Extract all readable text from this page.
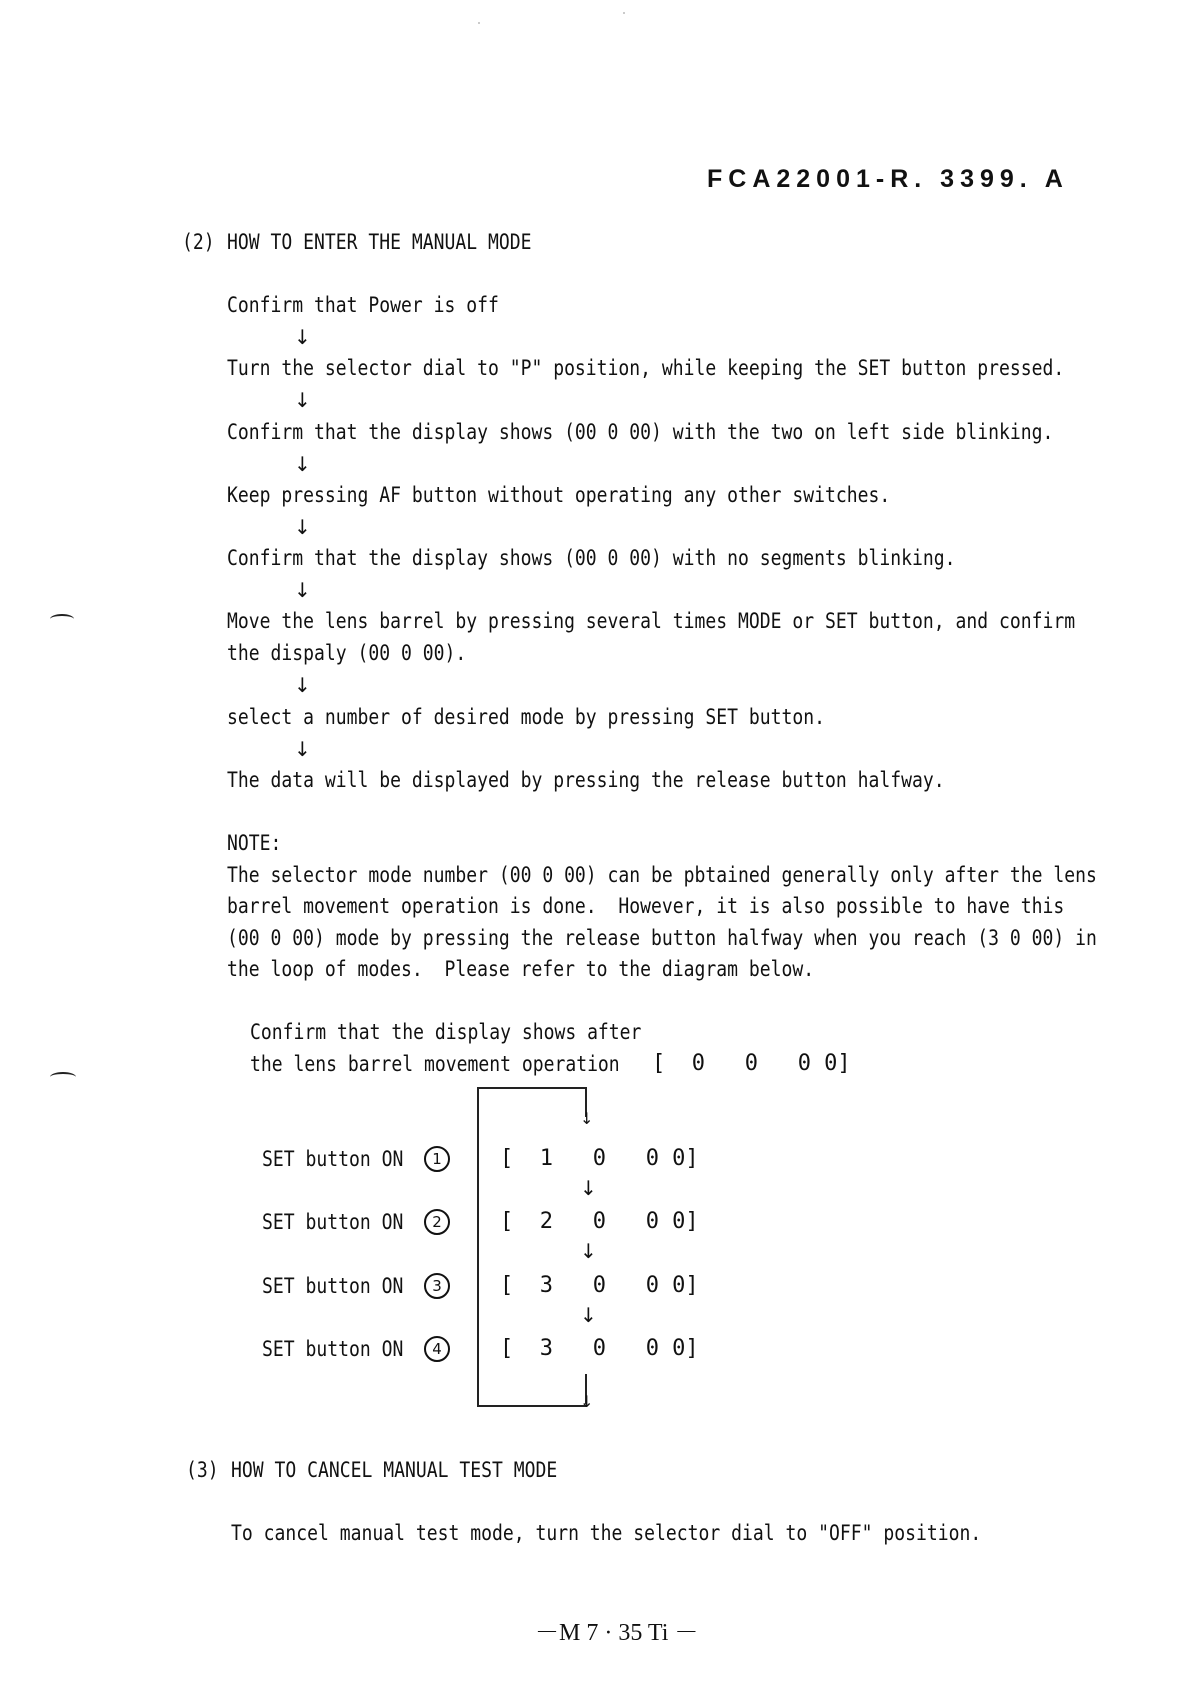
FCA22001-R. 3399. A
(2) HOW TO ENTER THE MANUAL MODE
Confirm that Power is off
↓
Turn the selector dial to "P" position, while keeping the SET button pressed.
↓
Confirm that the display shows (00 0 00) with the two on left side blinking.
↓
Keep pressing AF button without operating any other switches.
↓
Confirm that the display shows (00 0 00) with no segments blinking.
↓
Move the lens barrel by pressing several times MODE or SET button, and confirm
the dispaly (00 0 00).
↓
select a number of desired mode by pressing SET button.
↓
The data will be displayed by pressing the release button halfway.
NOTE:
The selector mode number (00 0 00) can be pbtained generally only after the lens
barrel movement operation is done.  However, it is also possible to have this
(00 0 00) mode by pressing the release button halfway when you reach (3 0 00) in
the loop of modes.  Please refer to the diagram below.
Confirm that the display shows after
the lens barrel movement operation [  0   0   0 0]
↓
↓
SET button ON	1	[  1   0   0 0]
↓
SET button ON	2	[  2   0   0 0]
↓
SET button ON	3	[  3   0   0 0]
↓
SET button ON	4	[  3   0   0 0]
(3) HOW TO CANCEL MANUAL TEST MODE
To cancel manual test mode, turn the selector dial to "OFF" position.
－M 7 · 35 Ti －
